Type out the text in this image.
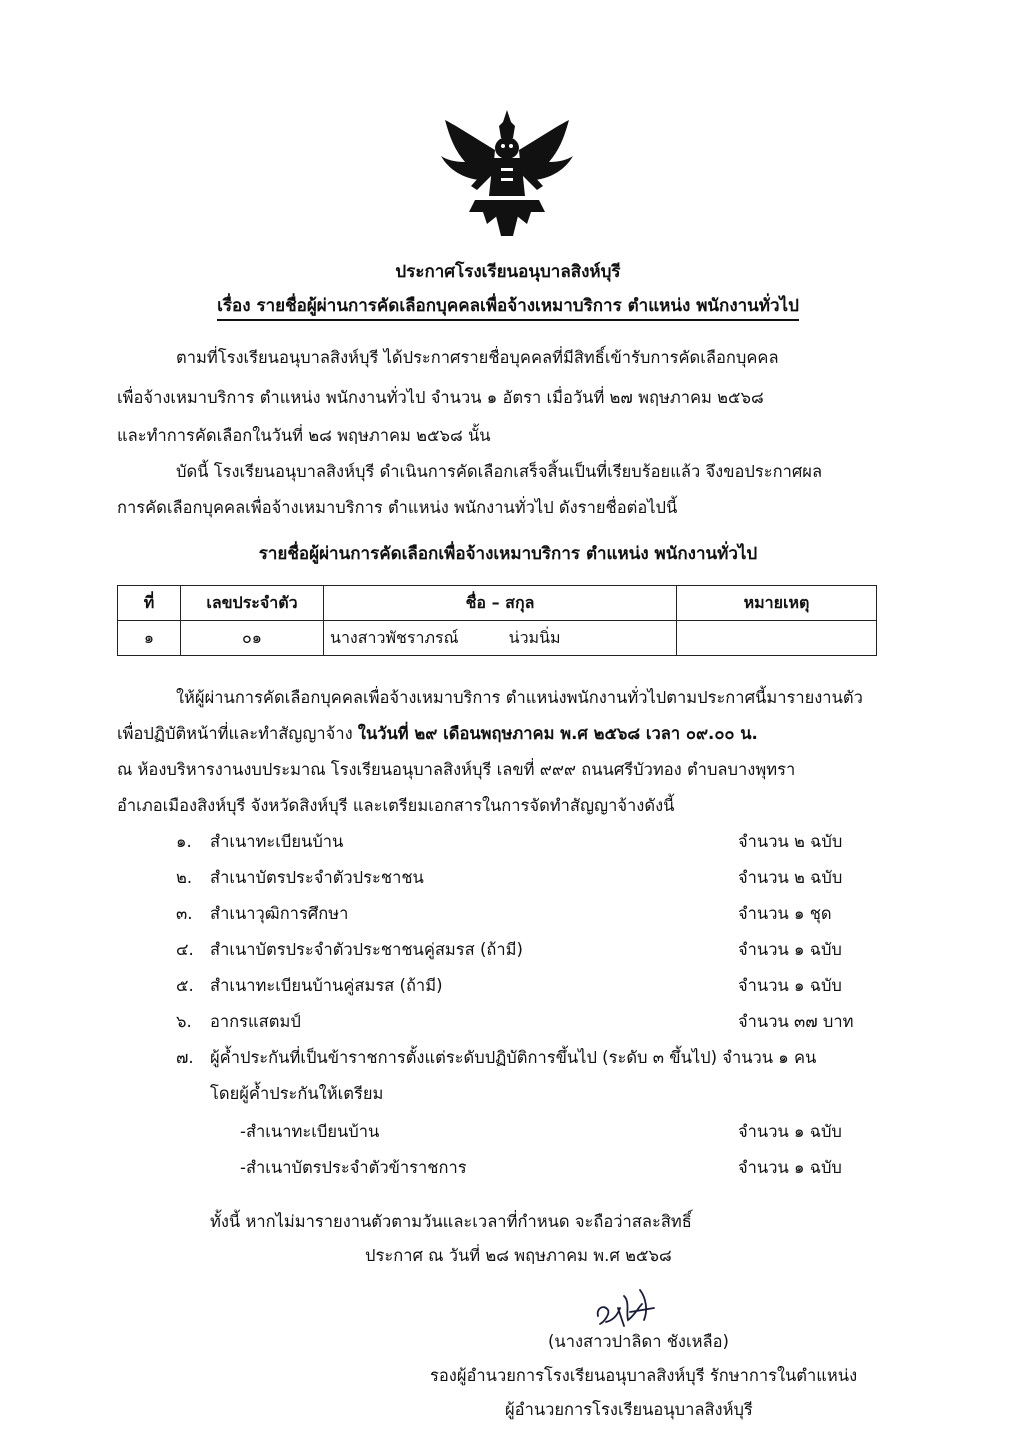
ประกาศโรงเรียนอนุบาลสิงห์บุรี
เรื่อง รายชื่อผู้ผ่านการคัดเลือกบุคคลเพื่อจ้างเหมาบริการ ตำแหน่ง พนักงานทั่วไป
ตามที่โรงเรียนอนุบาลสิงห์บุรี ได้ประกาศรายชื่อบุคคลที่มีสิทธิ์เข้ารับการคัดเลือกบุคคล
เพื่อจ้างเหมาบริการ ตำแหน่ง พนักงานทั่วไป จำนวน ๑ อัตรา เมื่อวันที่ ๒๗ พฤษภาคม ๒๕๖๘
และทำการคัดเลือกในวันที่ ๒๘ พฤษภาคม ๒๕๖๘ นั้น
บัดนี้ โรงเรียนอนุบาลสิงห์บุรี ดำเนินการคัดเลือกเสร็จสิ้นเป็นที่เรียบร้อยแล้ว จึงขอประกาศผล
การคัดเลือกบุคคลเพื่อจ้างเหมาบริการ ตำแหน่ง พนักงานทั่วไป ดังรายชื่อต่อไปนี้
รายชื่อผู้ผ่านการคัดเลือกเพื่อจ้างเหมาบริการ ตำแหน่ง พนักงานทั่วไป
ที่	เลขประจำตัว	ชื่อ – สกุล	หมายเหตุ
๑	๐๑	นางสาวพัชราภรณ์ น่วมนิ่ม	
ให้ผู้ผ่านการคัดเลือกบุคคลเพื่อจ้างเหมาบริการ ตำแหน่งพนักงานทั่วไปตามประกาศนี้มารายงานตัว
เพื่อปฏิบัติหน้าที่และทำสัญญาจ้าง ในวันที่ ๒๙ เดือนพฤษภาคม พ.ศ ๒๕๖๘ เวลา ๐๙.๐๐ น.
ณ ห้องบริหารงานงบประมาณ โรงเรียนอนุบาลสิงห์บุรี เลขที่ ๙๙๙ ถนนศรีบัวทอง ตำบลบางพุทรา
อำเภอเมืองสิงห์บุรี จังหวัดสิงห์บุรี และเตรียมเอกสารในการจัดทำสัญญาจ้างดังนี้
๑.	สำเนาทะเบียนบ้าน	จำนวน ๒ ฉบับ
๒.	สำเนาบัตรประจำตัวประชาชน	จำนวน ๒ ฉบับ
๓.	สำเนาวุฒิการศึกษา	จำนวน ๑ ชุด
๔. สำเนาบัตรประจำตัวประชาชนคู่สมรส (ถ้ามี)	จำนวน ๑ ฉบับ
๕. สำเนาทะเบียนบ้านคู่สมรส (ถ้ามี)	จำนวน ๑ ฉบับ
๖.	อากรแสตมป์	จำนวน ๓๗ บาท
๗. ผู้ค้ำประกันที่เป็นข้าราชการตั้งแต่ระดับปฏิบัติการขึ้นไป (ระดับ ๓ ขึ้นไป) จำนวน ๑ คน
โดยผู้ค้ำประกันให้เตรียม
-สำเนาทะเบียนบ้าน	จำนวน ๑ ฉบับ
-สำเนาบัตรประจำตัวข้าราชการ	จำนวน ๑ ฉบับ
ทั้งนี้ หากไม่มารายงานตัวตามวันและเวลาที่กำหนด จะถือว่าสละสิทธิ์
ประกาศ ณ วันที่ ๒๘ พฤษภาคม พ.ศ ๒๕๖๘
(นางสาวปาลิดา ชังเหลือ)
รองผู้อำนวยการโรงเรียนอนุบาลสิงห์บุรี รักษาการในตำแหน่ง
ผู้อำนวยการโรงเรียนอนุบาลสิงห์บุรี
